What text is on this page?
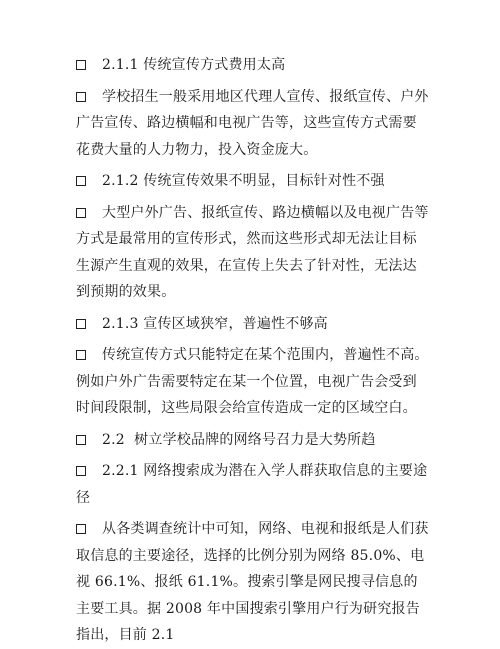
2.1.1 传统宣传方式费用太高

学校招生一般采用地区代理人宣传、报纸宣传、户外广告宣传、路边横幅和电视广告等，这些宣传方式需要花费大量的人力物力，投入资金庞大。

2.1.2 传统宣传效果不明显，目标针对性不强

大型户外广告、报纸宣传、路边横幅以及电视广告等方式是最常用的宣传形式，然而这些形式却无法让目标生源产生直观的效果，在宣传上失去了针对性，无法达到预期的效果。

2.1.3 宣传区域狭窄，普遍性不够高

传统宣传方式只能特定在某个范围内，普遍性不高。例如户外广告需要特定在某一个位置，电视广告会受到时间段限制，这些局限会给宣传造成一定的区域空白。

2.2  树立学校品牌的网络号召力是大势所趋

2.2.1 网络搜索成为潜在入学人群获取信息的主要途径

从各类调查统计中可知，网络、电视和报纸是人们获取信息的主要途径，选择的比例分别为网络 85.0%、电视 66.1%、报纸 61.1%。搜索引擎是网民搜寻信息的主要工具。据 2008 年中国搜索引擎用户行为研究报告指出，目前 2.1
